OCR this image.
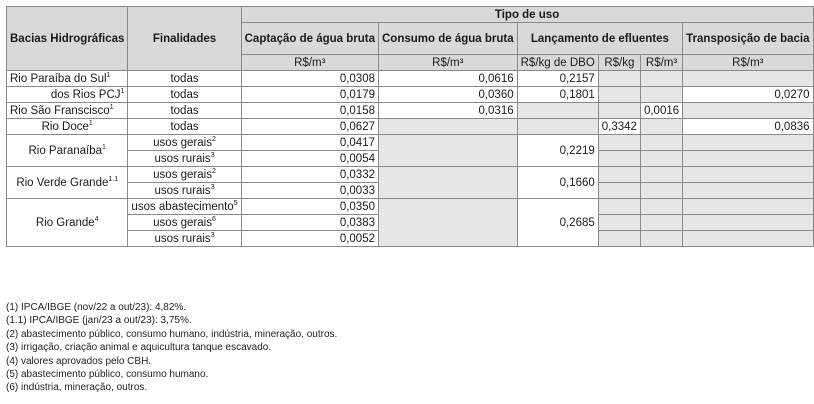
Bacias Hidrográficas	Finalidades	Tipo de uso					
		Captação de água bruta	Consumo de água bruta	Lançamento de efluentes			Transposição de bacia
		R$/m³	R$/m³	R$/kg de DBO	R$/kg	R$/m³	R$/m³
Rio Paraíba do Sul$^1$	todas	0,0308	0,0616	0,2157			
dos Rios PCJ$^1$	todas	0,0179	0,0360	0,1801			0,0270
Rio São Franscisco$^1$	todas	0,0158	0,0316			0,0016	
Rio Doce$^1$	todas	0,0627			0,3342		0,0836
Rio Paranaíba$^1$	usos gerais$^2$	0,0417		0,2219			
	usos rurais$^3$	0,0054					
Rio Verde Grande$^{1.1}$	usos gerais$^2$	0,0332		0,1660			
	usos rurais$^3$	0,0033					
Rio Grande$^4$	usos abastecimento$^5$	0,0350		0,2685			
	usos gerais$^6$	0,0383					
	usos rurais$^3$	0,0052					
(1) IPCA/IBGE (nov/22 a out/23): 4,82%.
(1.1) IPCA/IBGE (jan/23 a out/23): 3,75%.
(2) abastecimento público, consumo humano, indústria, mineração, outros.
(3) irrigação, criação animal e aquicultura tanque escavado.
(4) valores aprovados pelo CBH.
(5) abastecimento público, consumo humano.
(6) indústria, mineração, outros.
